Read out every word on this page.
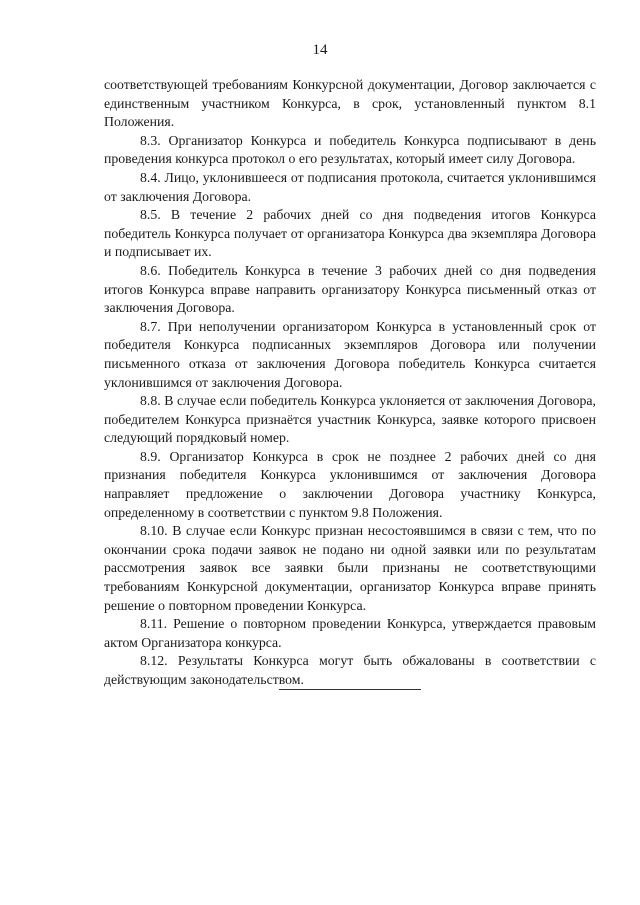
14

соответствующей требованиям Конкурсной документации, Договор заключается с единственным участником Конкурса, в срок, установленный пунктом 8.1 Положения.

8.3. Организатор Конкурса и победитель Конкурса подписывают в день проведения конкурса протокол о его результатах, который имеет силу Договора.

8.4. Лицо, уклонившееся от подписания протокола, считается уклонившимся от заключения Договора.

8.5. В течение 2 рабочих дней со дня подведения итогов Конкурса победитель Конкурса получает от организатора Конкурса два экземпляра Договора и подписывает их.

8.6. Победитель Конкурса в течение 3 рабочих дней со дня подведения итогов Конкурса вправе направить организатору Конкурса письменный отказ от заключения Договора.

8.7. При неполучении организатором Конкурса в установленный срок от победителя Конкурса подписанных экземпляров Договора или получении письменного отказа от заключения Договора победитель Конкурса считается уклонившимся от заключения Договора.

8.8. В случае если победитель Конкурса уклоняется от заключения Договора, победителем Конкурса признаётся участник Конкурса, заявке которого присвоен следующий порядковый номер.

8.9. Организатор Конкурса в срок не позднее 2 рабочих дней со дня признания победителя Конкурса уклонившимся от заключения Договора направляет предложение о заключении Договора участнику Конкурса, определенному в соответствии с пунктом 9.8 Положения.

8.10. В случае если Конкурс признан несостоявшимся в связи с тем, что по окончании срока подачи заявок не подано ни одной заявки или по результатам рассмотрения заявок все заявки были признаны не соответствующими требованиям Конкурсной документации, организатор Конкурса вправе принять решение о повторном проведении Конкурса.

8.11. Решение о повторном проведении Конкурса, утверждается правовым актом Организатора конкурса.

8.12. Результаты Конкурса могут быть обжалованы в соответствии с действующим законодательством.
